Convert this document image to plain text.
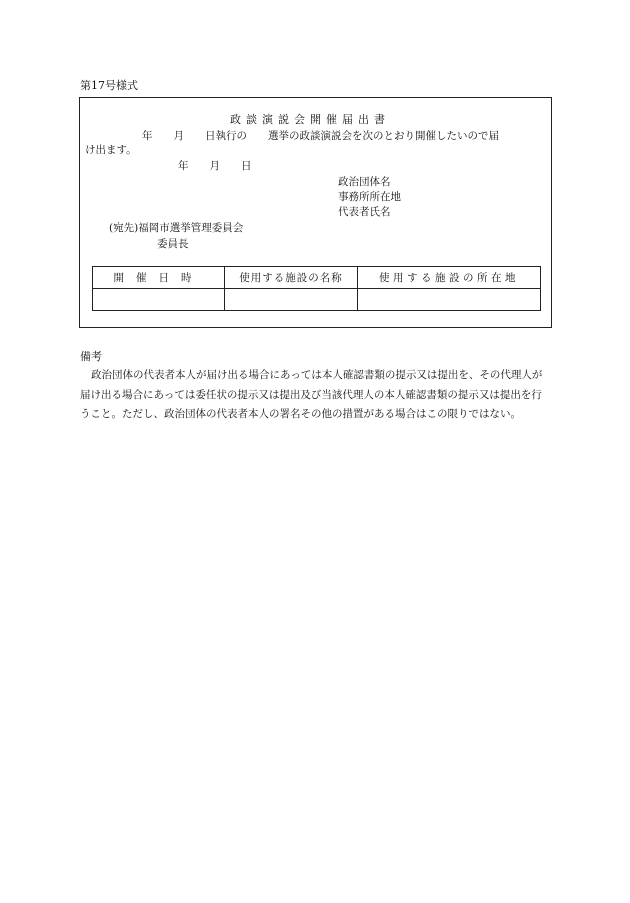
第17号様式
政談演説会開催届出書
年　　月　　日執行の　　選挙の政談演説会を次のとおり開催したいので届
け出ます。
年　　月　　日
政治団体名
事務所所在地
代表者氏名
(宛先)福岡市選挙管理委員会
委員長
開催日時	使用する施設の名称	使用する施設の所在地

備考
政治団体の代表者本人が届け出る場合にあっては本人確認書類の提示又は提出を、その代理人が届け出る場合にあっては委任状の提示又は提出及び当該代理人の本人確認書類の提示又は提出を行うこと。ただし、政治団体の代表者本人の署名その他の措置がある場合はこの限りではない。
